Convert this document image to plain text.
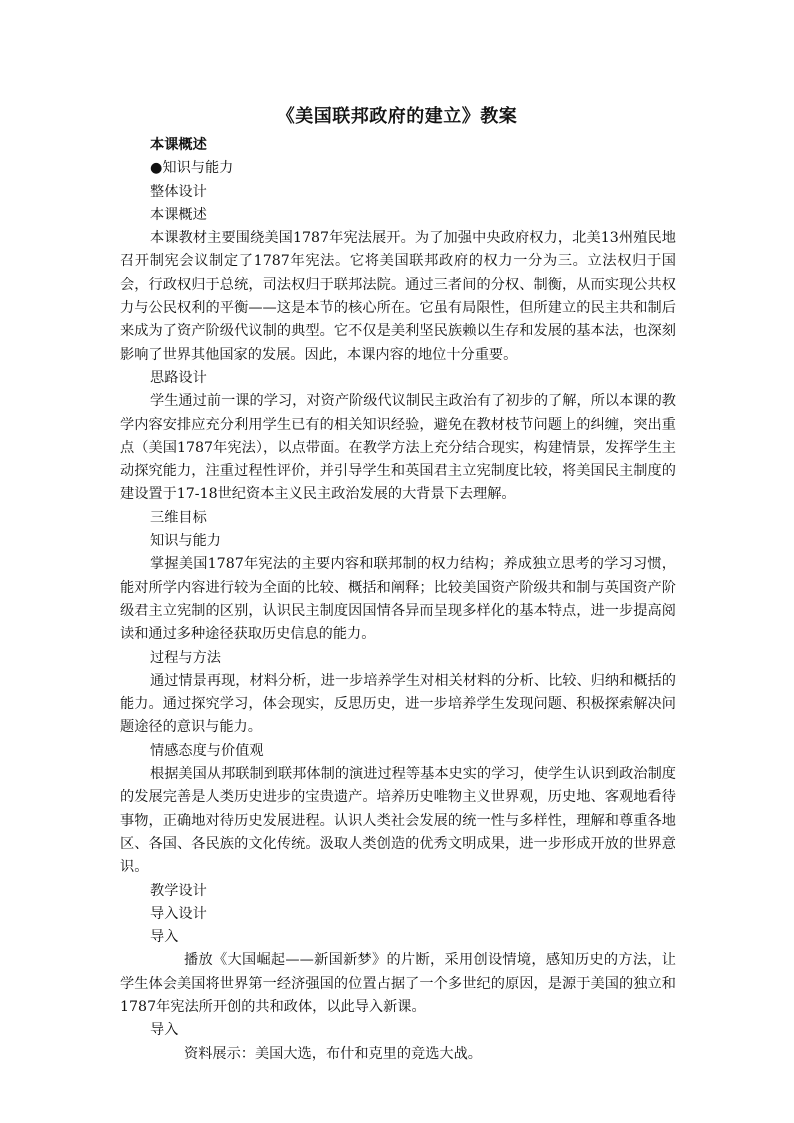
《美国联邦政府的建立》教案
本课概述
●知识与能力
整体设计
本课概述
本课教材主要围绕美国1787年宪法展开。为了加强中央政府权力，北美13州殖民地召开制宪会议制定了1787年宪法。它将美国联邦政府的权力一分为三。立法权归于国会，行政权归于总统，司法权归于联邦法院。通过三者间的分权、制衡，从而实现公共权力与公民权利的平衡——这是本节的核心所在。它虽有局限性，但所建立的民主共和制后来成为了资产阶级代议制的典型。它不仅是美利坚民族赖以生存和发展的基本法，也深刻影响了世界其他国家的发展。因此，本课内容的地位十分重要。
思路设计
学生通过前一课的学习，对资产阶级代议制民主政治有了初步的了解，所以本课的教学内容安排应充分利用学生已有的相关知识经验，避免在教材枝节问题上的纠缠，突出重点（美国1787年宪法），以点带面。在教学方法上充分结合现实，构建情景，发挥学生主动探究能力，注重过程性评价，并引导学生和英国君主立宪制度比较，将美国民主制度的建设置于17-18世纪资本主义民主政治发展的大背景下去理解。
三维目标
知识与能力
掌握美国1787年宪法的主要内容和联邦制的权力结构；养成独立思考的学习习惯，能对所学内容进行较为全面的比较、概括和阐释；比较美国资产阶级共和制与英国资产阶级君主立宪制的区别，认识民主制度因国情各异而呈现多样化的基本特点，进一步提高阅读和通过多种途径获取历史信息的能力。
过程与方法
通过情景再现，材料分析，进一步培养学生对相关材料的分析、比较、归纳和概括的能力。通过探究学习，体会现实，反思历史，进一步培养学生发现问题、积极探索解决问题途径的意识与能力。
情感态度与价值观
根据美国从邦联制到联邦体制的演进过程等基本史实的学习，使学生认识到政治制度的发展完善是人类历史进步的宝贵遗产。培养历史唯物主义世界观，历史地、客观地看待事物，正确地对待历史发展进程。认识人类社会发展的统一性与多样性，理解和尊重各地区、各国、各民族的文化传统。汲取人类创造的优秀文明成果，进一步形成开放的世界意识。
教学设计
导入设计
导入
播放《大国崛起——新国新梦》的片断，采用创设情境，感知历史的方法，让学生体会美国将世界第一经济强国的位置占据了一个多世纪的原因，是源于美国的独立和1787年宪法所开创的共和政体，以此导入新课。
导入
资料展示：美国大选，布什和克里的竞选大战。
